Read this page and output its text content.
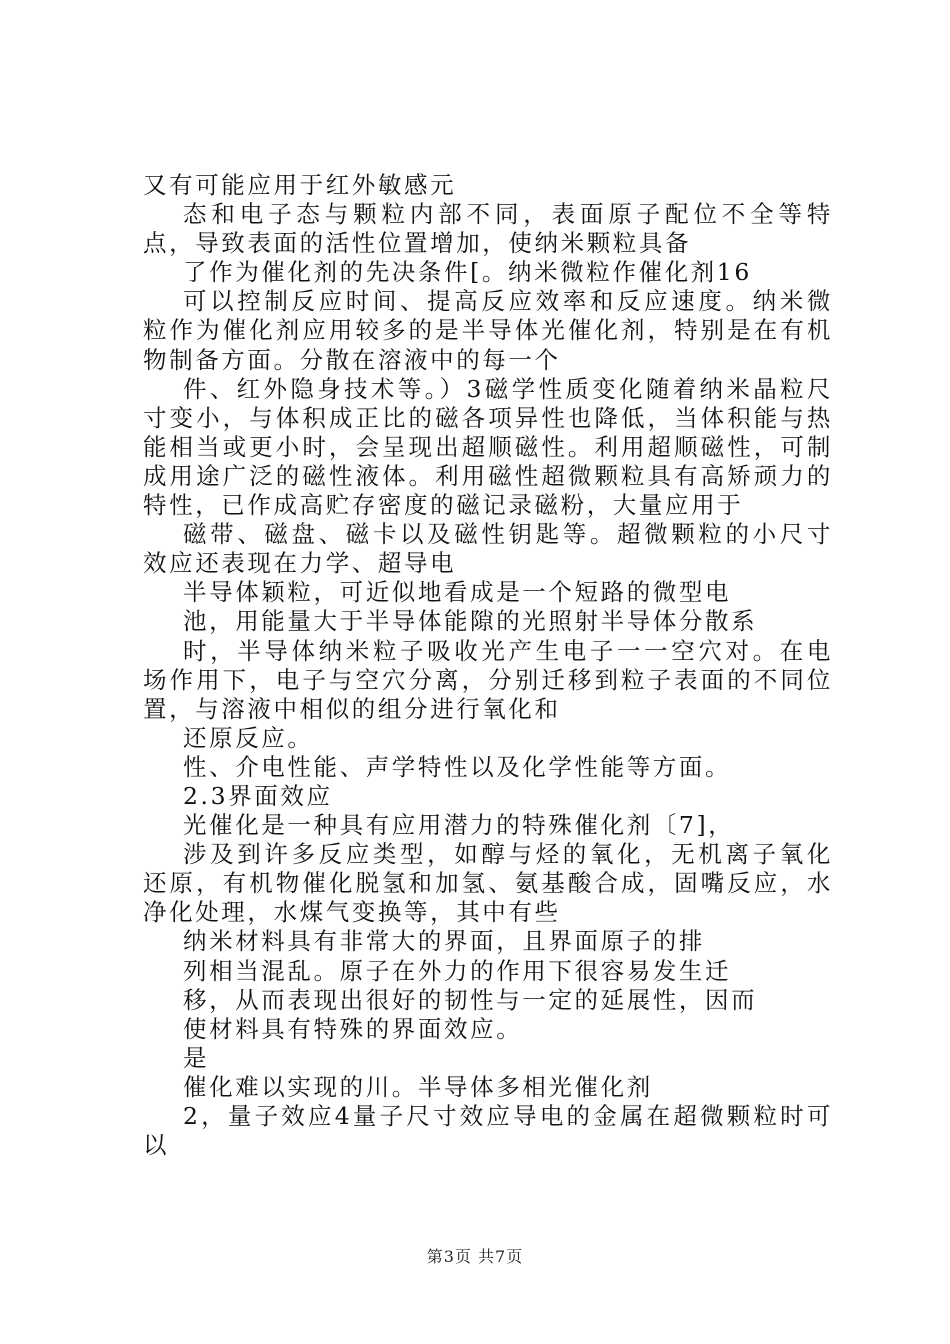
又有可能应用于红外敏感元

态和电子态与颗粒内部不同，表面原子配位不全等特点，导致表面的活性位置增加，使纳米颗粒具备

了作为催化剂的先决条件[。纳米微粒作催化剂16

可以控制反应时间、提高反应效率和反应速度。纳米微粒作为催化剂应用较多的是半导体光催化剂，特别是在有机物制备方面。分散在溶液中的每一个

件、红外隐身技术等。）3磁学性质变化随着纳米晶粒尺寸变小，与体积成正比的磁各项异性也降低，当体积能与热能相当或更小时，会呈现出超顺磁性。利用超顺磁性，可制成用途广泛的磁性液体。利用磁性超微颗粒具有高矫顽力的特性，已作成高贮存密度的磁记录磁粉，大量应用于

磁带、磁盘、磁卡以及磁性钥匙等。超微颗粒的小尺寸效应还表现在力学、超导电

半导体颖粒，可近似地看成是一个短路的微型电

池，用能量大于半导体能隙的光照射半导体分散系

时，半导体纳米粒子吸收光产生电子一一空穴对。在电场作用下，电子与空穴分离，分别迁移到粒子表面的不同位置，与溶液中相似的组分进行氧化和

还原反应。

性、介电性能、声学特性以及化学性能等方面。

2.3界面效应

光催化是一种具有应用潜力的特殊催化剂〔7]，

涉及到许多反应类型，如醇与烃的氧化，无机离子氧化还原，有机物催化脱氢和加氢、氨基酸合成，固嘴反应，水净化处理，水煤气变换等，其中有些

纳米材料具有非常大的界面，且界面原子的排

列相当混乱。原子在外力的作用下很容易发生迁

移，从而表现出很好的韧性与一定的延展性，因而

使材料具有特殊的界面效应。

是

催化难以实现的川。半导体多相光催化剂

2，量子效应4量子尺寸效应导电的金属在超微颗粒时可以

第3页 共7页
